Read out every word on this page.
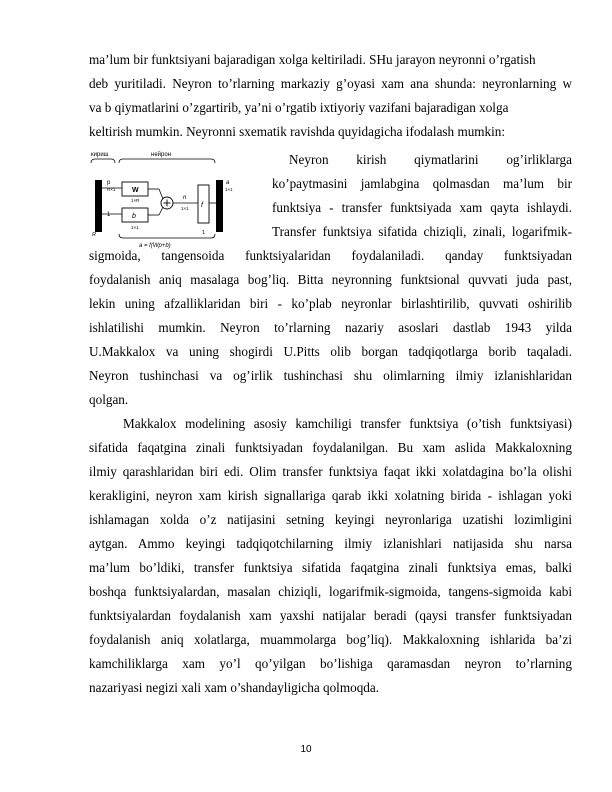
ma’lum bir funktsiyani bajaradigan xolga keltiriladi. SHu jarayon neyronni o’rgatish
deb yuritiladi. Neyron to’rlarning markaziy g’oyasi xam ana shunda: neyronlarning w
va b qiymatlarini o’zgartirib, ya’ni o’rgatib ixtiyoriy vazifani bajaradigan xolga
keltirish mumkin. Neyronni sxematik ravishda quyidagicha ifodalash mumkin:
кириш	нейрон
p
R×1 W
1×R
1	b
1×1
n
1×1 f
a
1×1
R	1
a = f(Wp+b)
Neyron kirish qiymatlarini og’irliklarga
ko’paytmasini jamlabgina qolmasdan ma’lum bir
funktsiya - transfer funktsiyada xam qayta ishlaydi.
Transfer funktsiya sifatida chiziqli, zinali, logarifmik-
sigmoida, tangensoida funktsiyalaridan foydalaniladi. qanday funktsiyadan
foydalanish aniq masalaga bog’liq. Bitta neyronning funktsional quvvati juda past,
lekin uning afzalliklaridan biri - ko’plab neyronlar birlashtirilib, quvvati oshirilib
ishlatilishi mumkin. Neyron to’rlarning nazariy asoslari dastlab 1943 yilda
U.Makkalox va uning shogirdi U.Pitts olib borgan tadqiqotlarga borib taqaladi.
Neyron tushinchasi va og’irlik tushinchasi shu olimlarning ilmiy izlanishlaridan
qolgan.
Makkalox modelining asosiy kamchiligi transfer funktsiya (o’tish funktsiyasi)
sifatida faqatgina zinali funktsiyadan foydalanilgan. Bu xam aslida Makkaloxning
ilmiy qarashlaridan biri edi. Olim transfer funktsiya faqat ikki xolatdagina bo’la olishi
kerakligini, neyron xam kirish signallariga qarab ikki xolatning birida - ishlagan yoki
ishlamagan xolda o’z natijasini setning keyingi neyronlariga uzatishi lozimligini
aytgan. Ammo keyingi tadqiqotchilarning ilmiy izlanishlari natijasida shu narsa
ma’lum bo’ldiki, transfer funktsiya sifatida faqatgina zinali funktsiya emas, balki
boshqa funktsiyalardan, masalan chiziqli, logarifmik-sigmoida, tangens-sigmoida kabi
funktsiyalardan foydalanish xam yaxshi natijalar beradi (qaysi transfer funktsiyadan
foydalanish aniq xolatlarga, muammolarga bog’liq). Makkaloxning ishlarida ba’zi
kamchiliklarga xam yo’l qo’yilgan bo’lishiga qaramasdan neyron to’rlarning
nazariyasi negizi xali xam o’shandayligicha qolmoqda.
10
